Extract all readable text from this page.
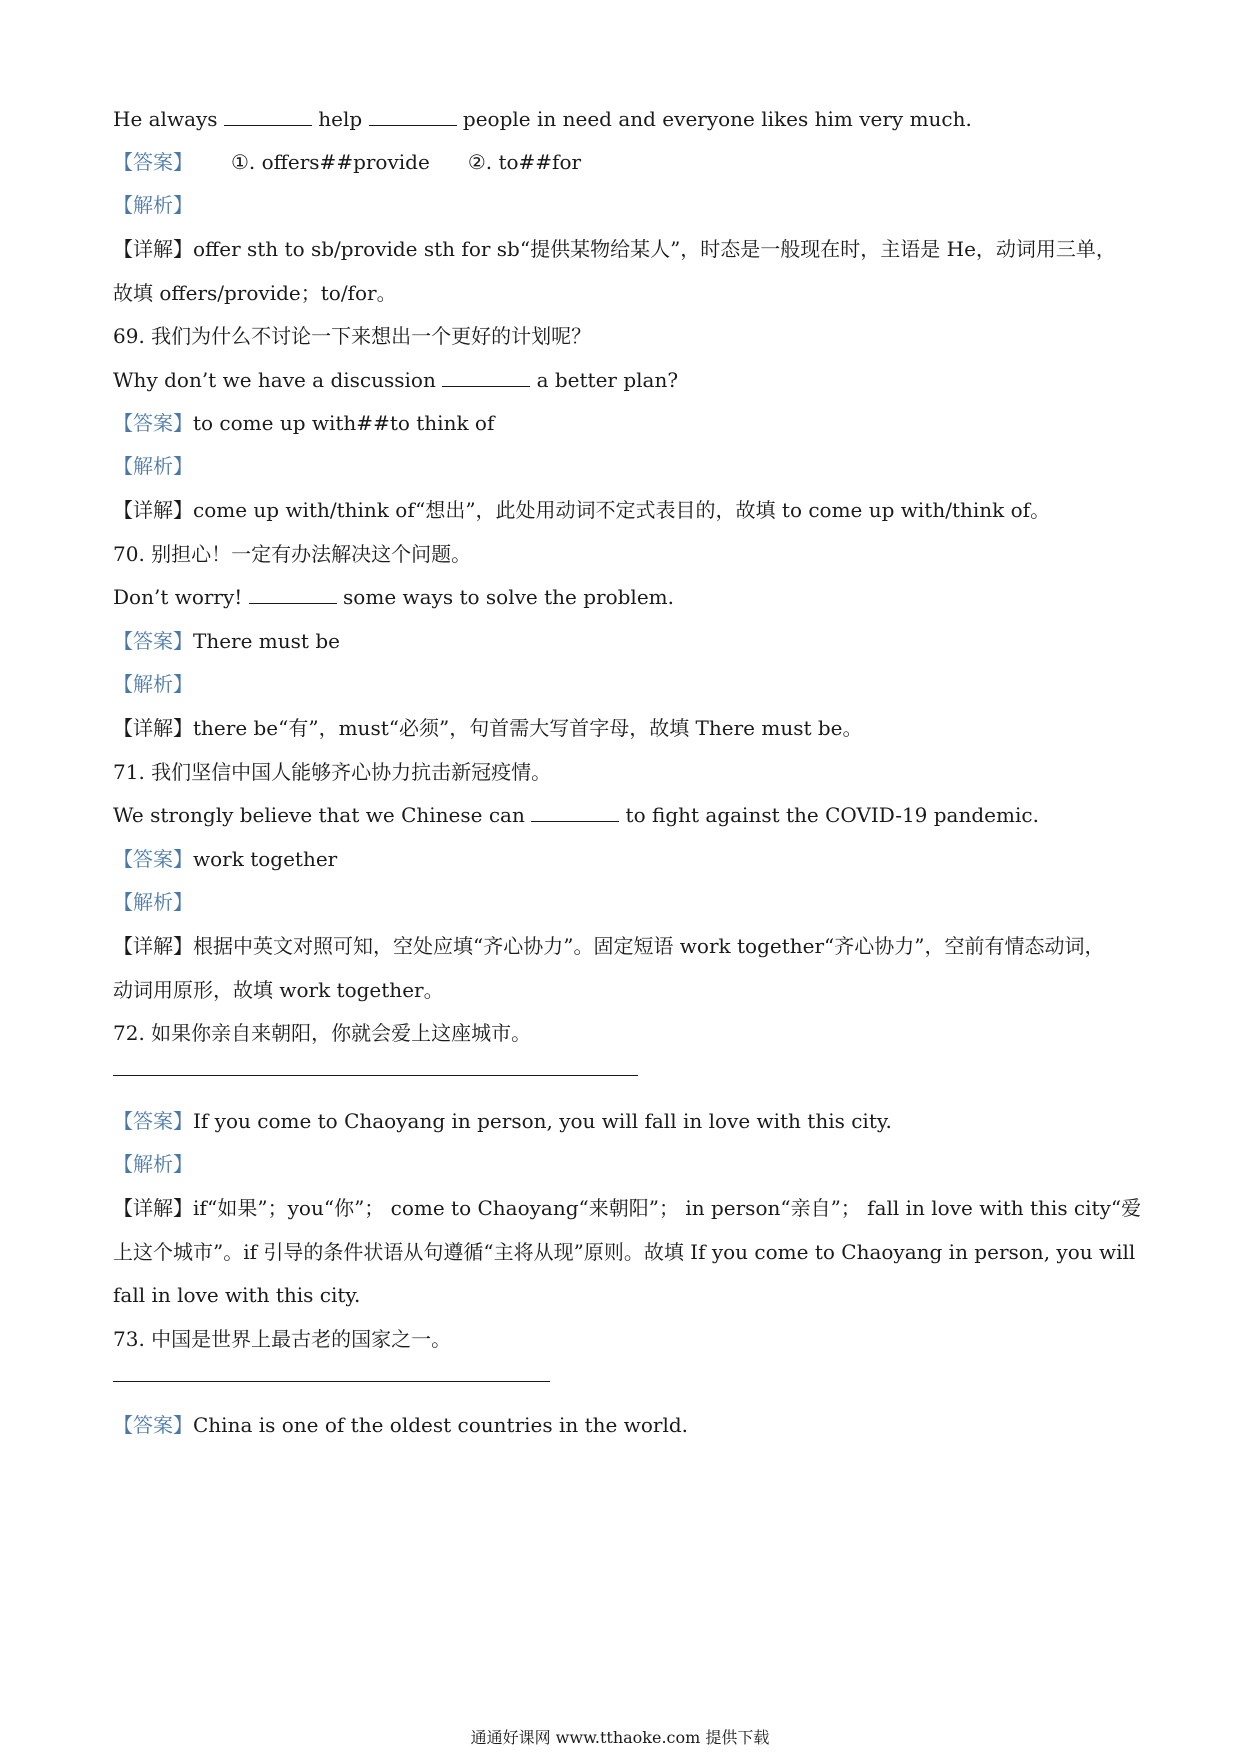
He always	help	people in need and everyone likes him very much.
【答案】 ①. offers##provide ②. to##for
【解析】
【详解】offer sth to sb/provide sth for sb“提供某物给某人”，时态是一般现在时，主语是 He，动词用三单，
故填 offers/provide；to/for。
69. 我们为什么不讨论一下来想出一个更好的计划呢？
Why don’t we have a discussion	a better plan?
【答案】to come up with##to think of
【解析】
【详解】come up with/think of“想出”，此处用动词不定式表目的，故填 to come up with/think of。
70. 别担心！一定有办法解决这个问题。
Don’t worry!	some ways to solve the problem.
【答案】There must be
【解析】
【详解】there be“有”，must“必须”，句首需大写首字母，故填 There must be。
71. 我们坚信中国人能够齐心协力抗击新冠疫情。
We strongly believe that we Chinese can	to fight against the COVID-19 pandemic.
【答案】work together
【解析】
【详解】根据中英文对照可知，空处应填“齐心协力”。固定短语 work together“齐心协力”，空前有情态动词，
动词用原形，故填 work together。
72. 如果你亲自来朝阳，你就会爱上这座城市。
【答案】If you come to Chaoyang in person, you will fall in love with this city.
【解析】
【详解】if“如果”；you“你”； come to Chaoyang“来朝阳”； in person“亲自”； fall in love with this city“爱
上这个城市”。if 引导的条件状语从句遵循“主将从现”原则。故填 If you come to Chaoyang in person, you will
fall in love with this city.
73. 中国是世界上最古老的国家之一。
【答案】China is one of the oldest countries in the world.
通通好课网 www.tthaoke.com 提供下载
